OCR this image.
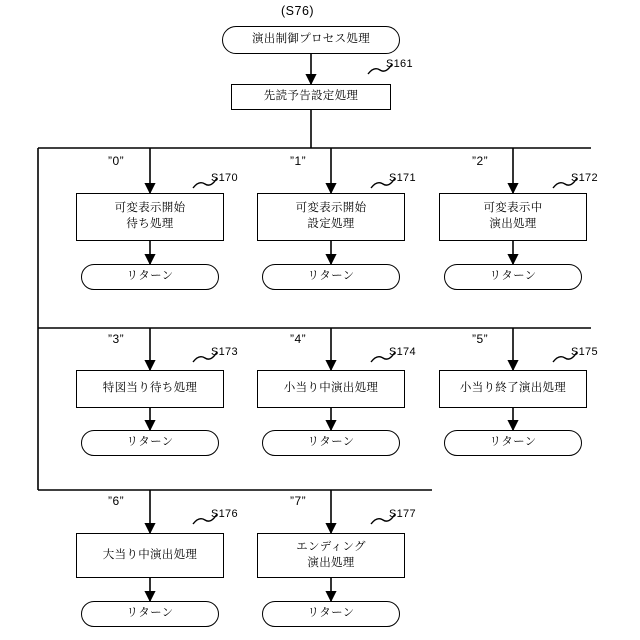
(S76)
演出制御プロセス処理
先読予告設定処理
可変表示開始
待ち処理
可変表示開始
設定処理
可変表示中
演出処理
リターン	リターン	リターン
特図当り待ち処理	小当り中演出処理	小当り終了演出処理
リターン	リターン	リターン
大当り中演出処理
エンディング
演出処理
リターン	リターン
”0”	”1”	”2”
”3”	”4”	”5”
”6”	”7”
S161
S170	S171	S172
S173	S174	S175
S176	S177
